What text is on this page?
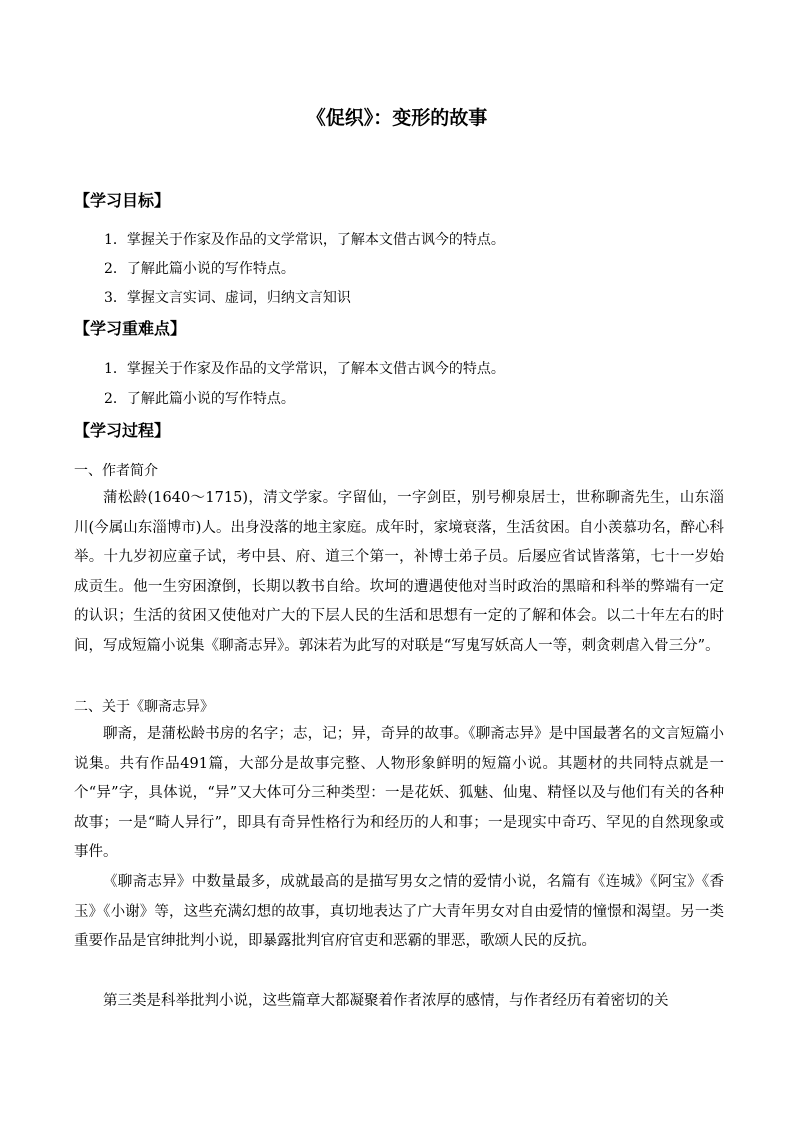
《促织》：变形的故事
【学习目标】
1．掌握关于作家及作品的文学常识，了解本文借古讽今的特点。
2．了解此篇小说的写作特点。
3．掌握文言实词、虚词，归纳文言知识
【学习重难点】
1．掌握关于作家及作品的文学常识，了解本文借古讽今的特点。
2．了解此篇小说的写作特点。
【学习过程】
一、作者简介
蒲松龄(1640～1715)，清文学家。字留仙，一字剑臣，别号柳泉居士，世称聊斋先生，山东淄川(今属山东淄博市)人。出身没落的地主家庭。成年时，家境衰落，生活贫困。自小羡慕功名，醉心科举。十九岁初应童子试，考中县、府、道三个第一，补博士弟子员。后屡应省试皆落第，七十一岁始成贡生。他一生穷困潦倒，长期以教书自给。坎坷的遭遇使他对当时政治的黑暗和科举的弊端有一定的认识；生活的贫困又使他对广大的下层人民的生活和思想有一定的了解和体会。以二十年左右的时间，写成短篇小说集《聊斋志异》。郭沫若为此写的对联是“写鬼写妖高人一等，刺贪刺虐入骨三分”。
二、关于《聊斋志异》
聊斋，是蒲松龄书房的名字；志，记；异，奇异的故事。《聊斋志异》是中国最著名的文言短篇小说集。共有作品491篇，大部分是故事完整、人物形象鲜明的短篇小说。其题材的共同特点就是一个“异”字，具体说，“异”又大体可分三种类型：一是花妖、狐魅、仙鬼、精怪以及与他们有关的各种故事；一是“畸人异行”，即具有奇异性格行为和经历的人和事；一是现实中奇巧、罕见的自然现象或事件。
《聊斋志异》中数量最多，成就最高的是描写男女之情的爱情小说，名篇有《连城》《阿宝》《香玉》《小谢》等，这些充满幻想的故事，真切地表达了广大青年男女对自由爱情的憧憬和渴望。另一类重要作品是官绅批判小说，即暴露批判官府官吏和恶霸的罪恶，歌颂人民的反抗。
第三类是科举批判小说，这些篇章大都凝聚着作者浓厚的感情，与作者经历有着密切的关
